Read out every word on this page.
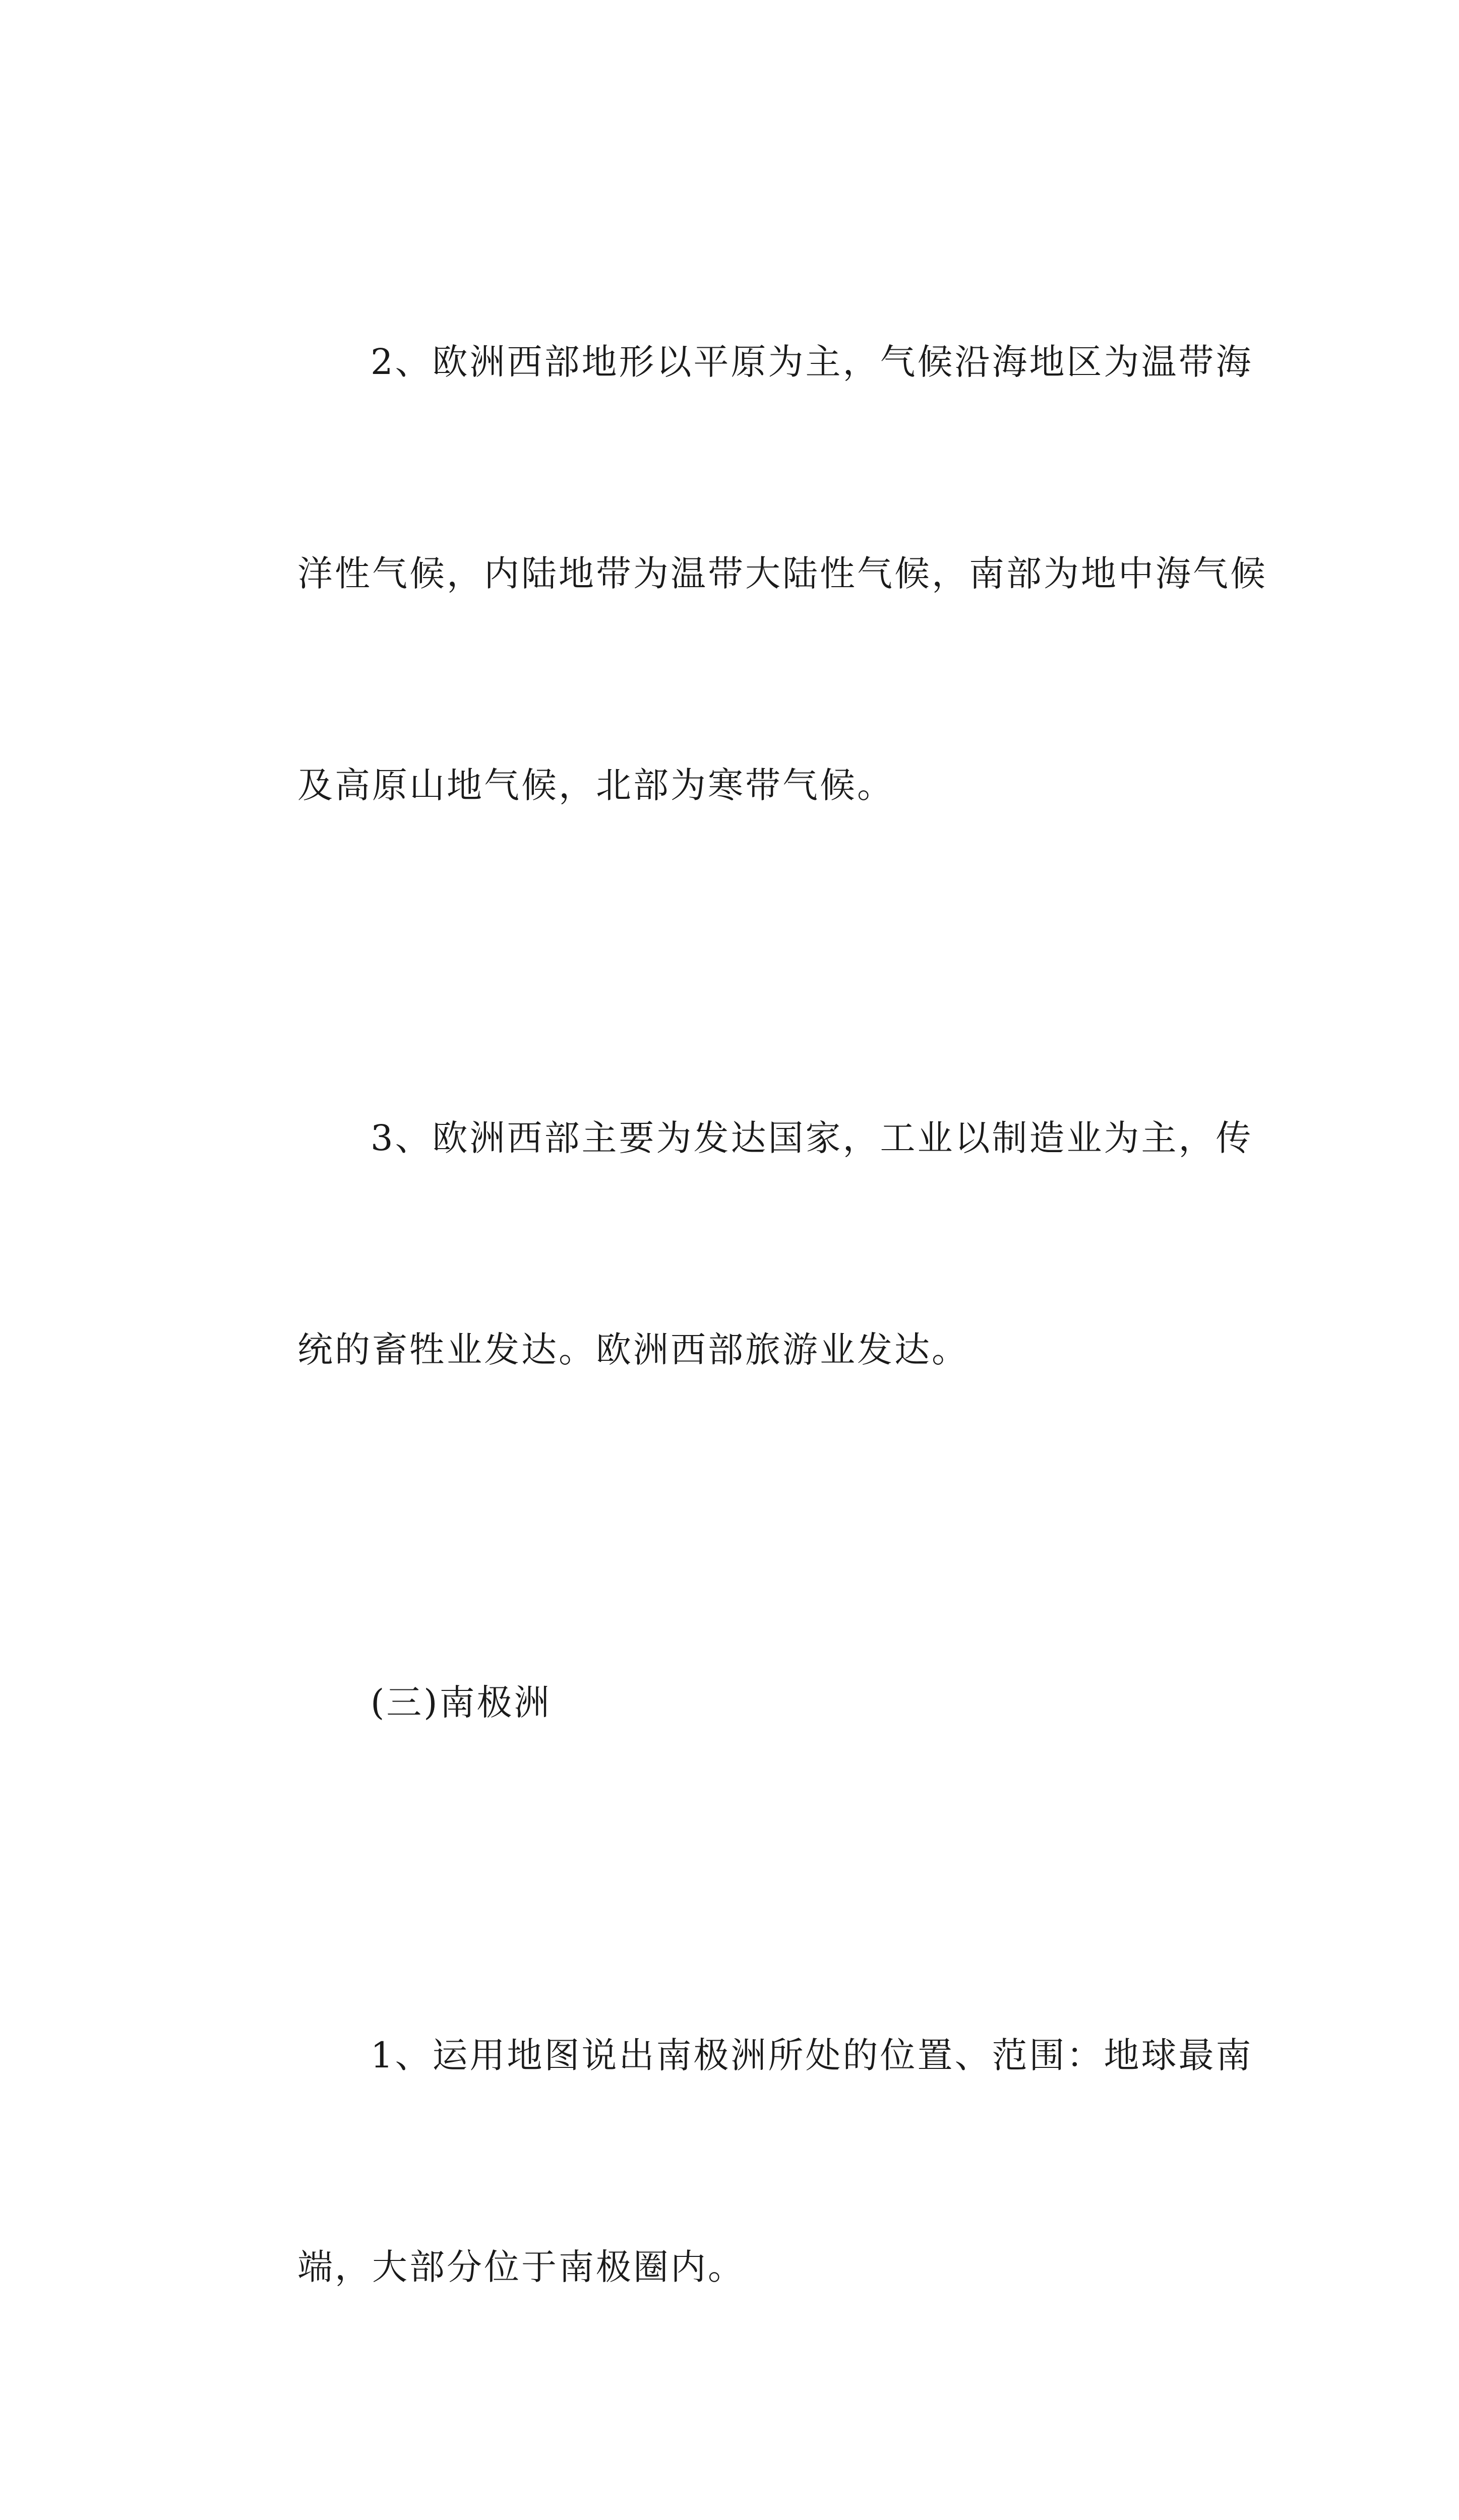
2、欧洲西部地形以平原为主，气候沿海地区为温带海

洋性气候，内陆地带为温带大陆性气候，南部为地中海气候

及高原山地气候，北部为寒带气候。

3、欧洲西部主要为发达国家，工业以制造业为主，传

统的畜牲业发达。欧洲西部旅游业发达。

(三)南极洲

1、运用地图说出南极洲所处的位置、范围：地球最南

端，大部分位于南极圈内。
